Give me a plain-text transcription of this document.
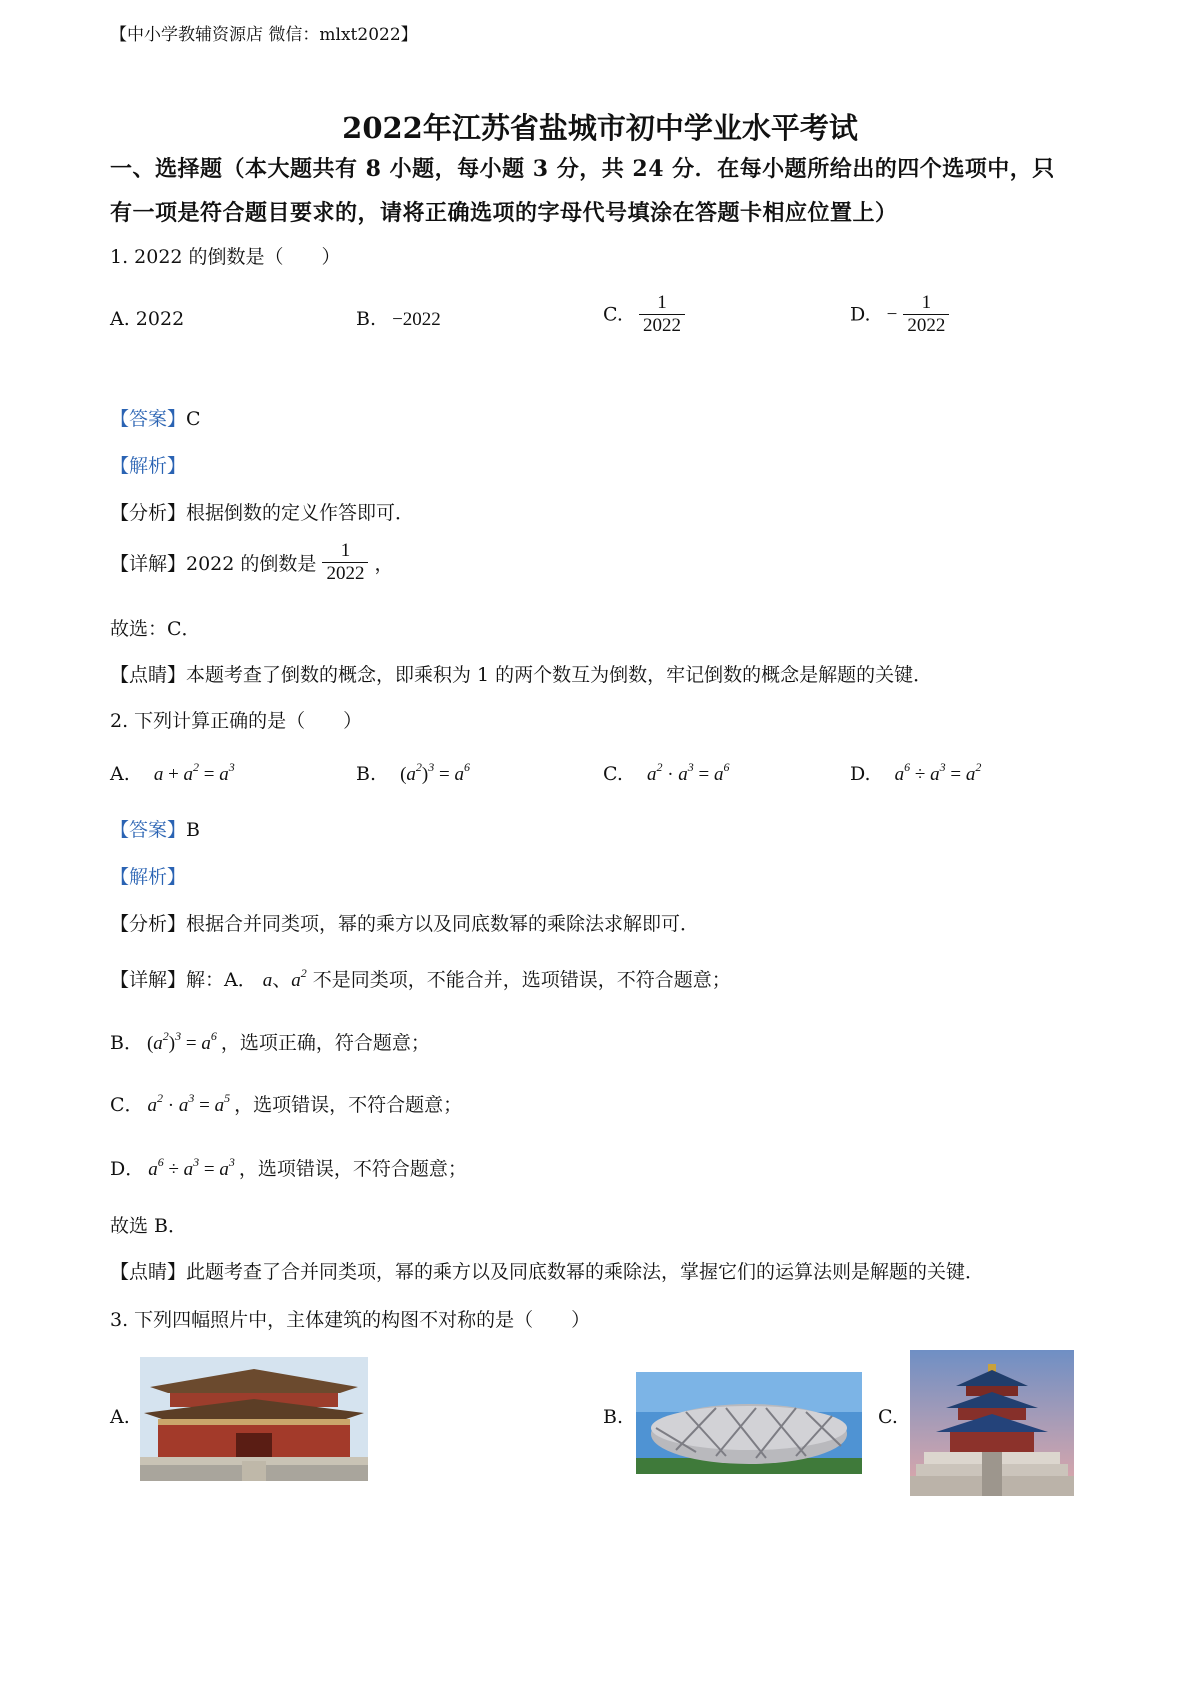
【中小学教辅资源店 微信：mlxt2022】
2022年江苏省盐城市初中学业水平考试
一、选择题（本大题共有 8 小题，每小题 3 分，共 24 分．在每小题所给出的四个选项中，只
有一项是符合题目要求的，请将正确选项的字母代号填涂在答题卡相应位置上）
1. 2022 的倒数是（　　）
A. 2022	B. −2022	C. $\frac{1}{2022}$	D. − $\frac{1}{2022}$
【答案】C
【解析】
【分析】根据倒数的定义作答即可．
【详解】2022 的倒数是 $\frac{1}{2022}$ ，
故选：C．
【点睛】本题考查了倒数的概念，即乘积为 1 的两个数互为倒数，牢记倒数的概念是解题的关键．
2. 下列计算正确的是（　　）
A. $a + a^2 = a^3$	B. $(a^2)^3 = a^6$	C. $a^2 \cdot a^3 = a^6$	D. $a^6 \div a^3 = a^2$
【答案】B
【解析】
【分析】根据合并同类项，幂的乘方以及同底数幂的乘除法求解即可．
【详解】解：A． a、$a^2$ 不是同类项，不能合并，选项错误，不符合题意；
B． $(a^2)^3 = a^6$ ，选项正确，符合题意；
C． $a^2 \cdot a^3 = a^5$ ，选项错误，不符合题意；
D． $a^6 \div a^3 = a^3$ ，选项错误，不符合题意；
故选 B．
【点睛】此题考查了合并同类项，幂的乘方以及同底数幂的乘除法，掌握它们的运算法则是解题的关键．
3. 下列四幅照片中，主体建筑的构图不对称的是（　　）
A.	B.	C.
